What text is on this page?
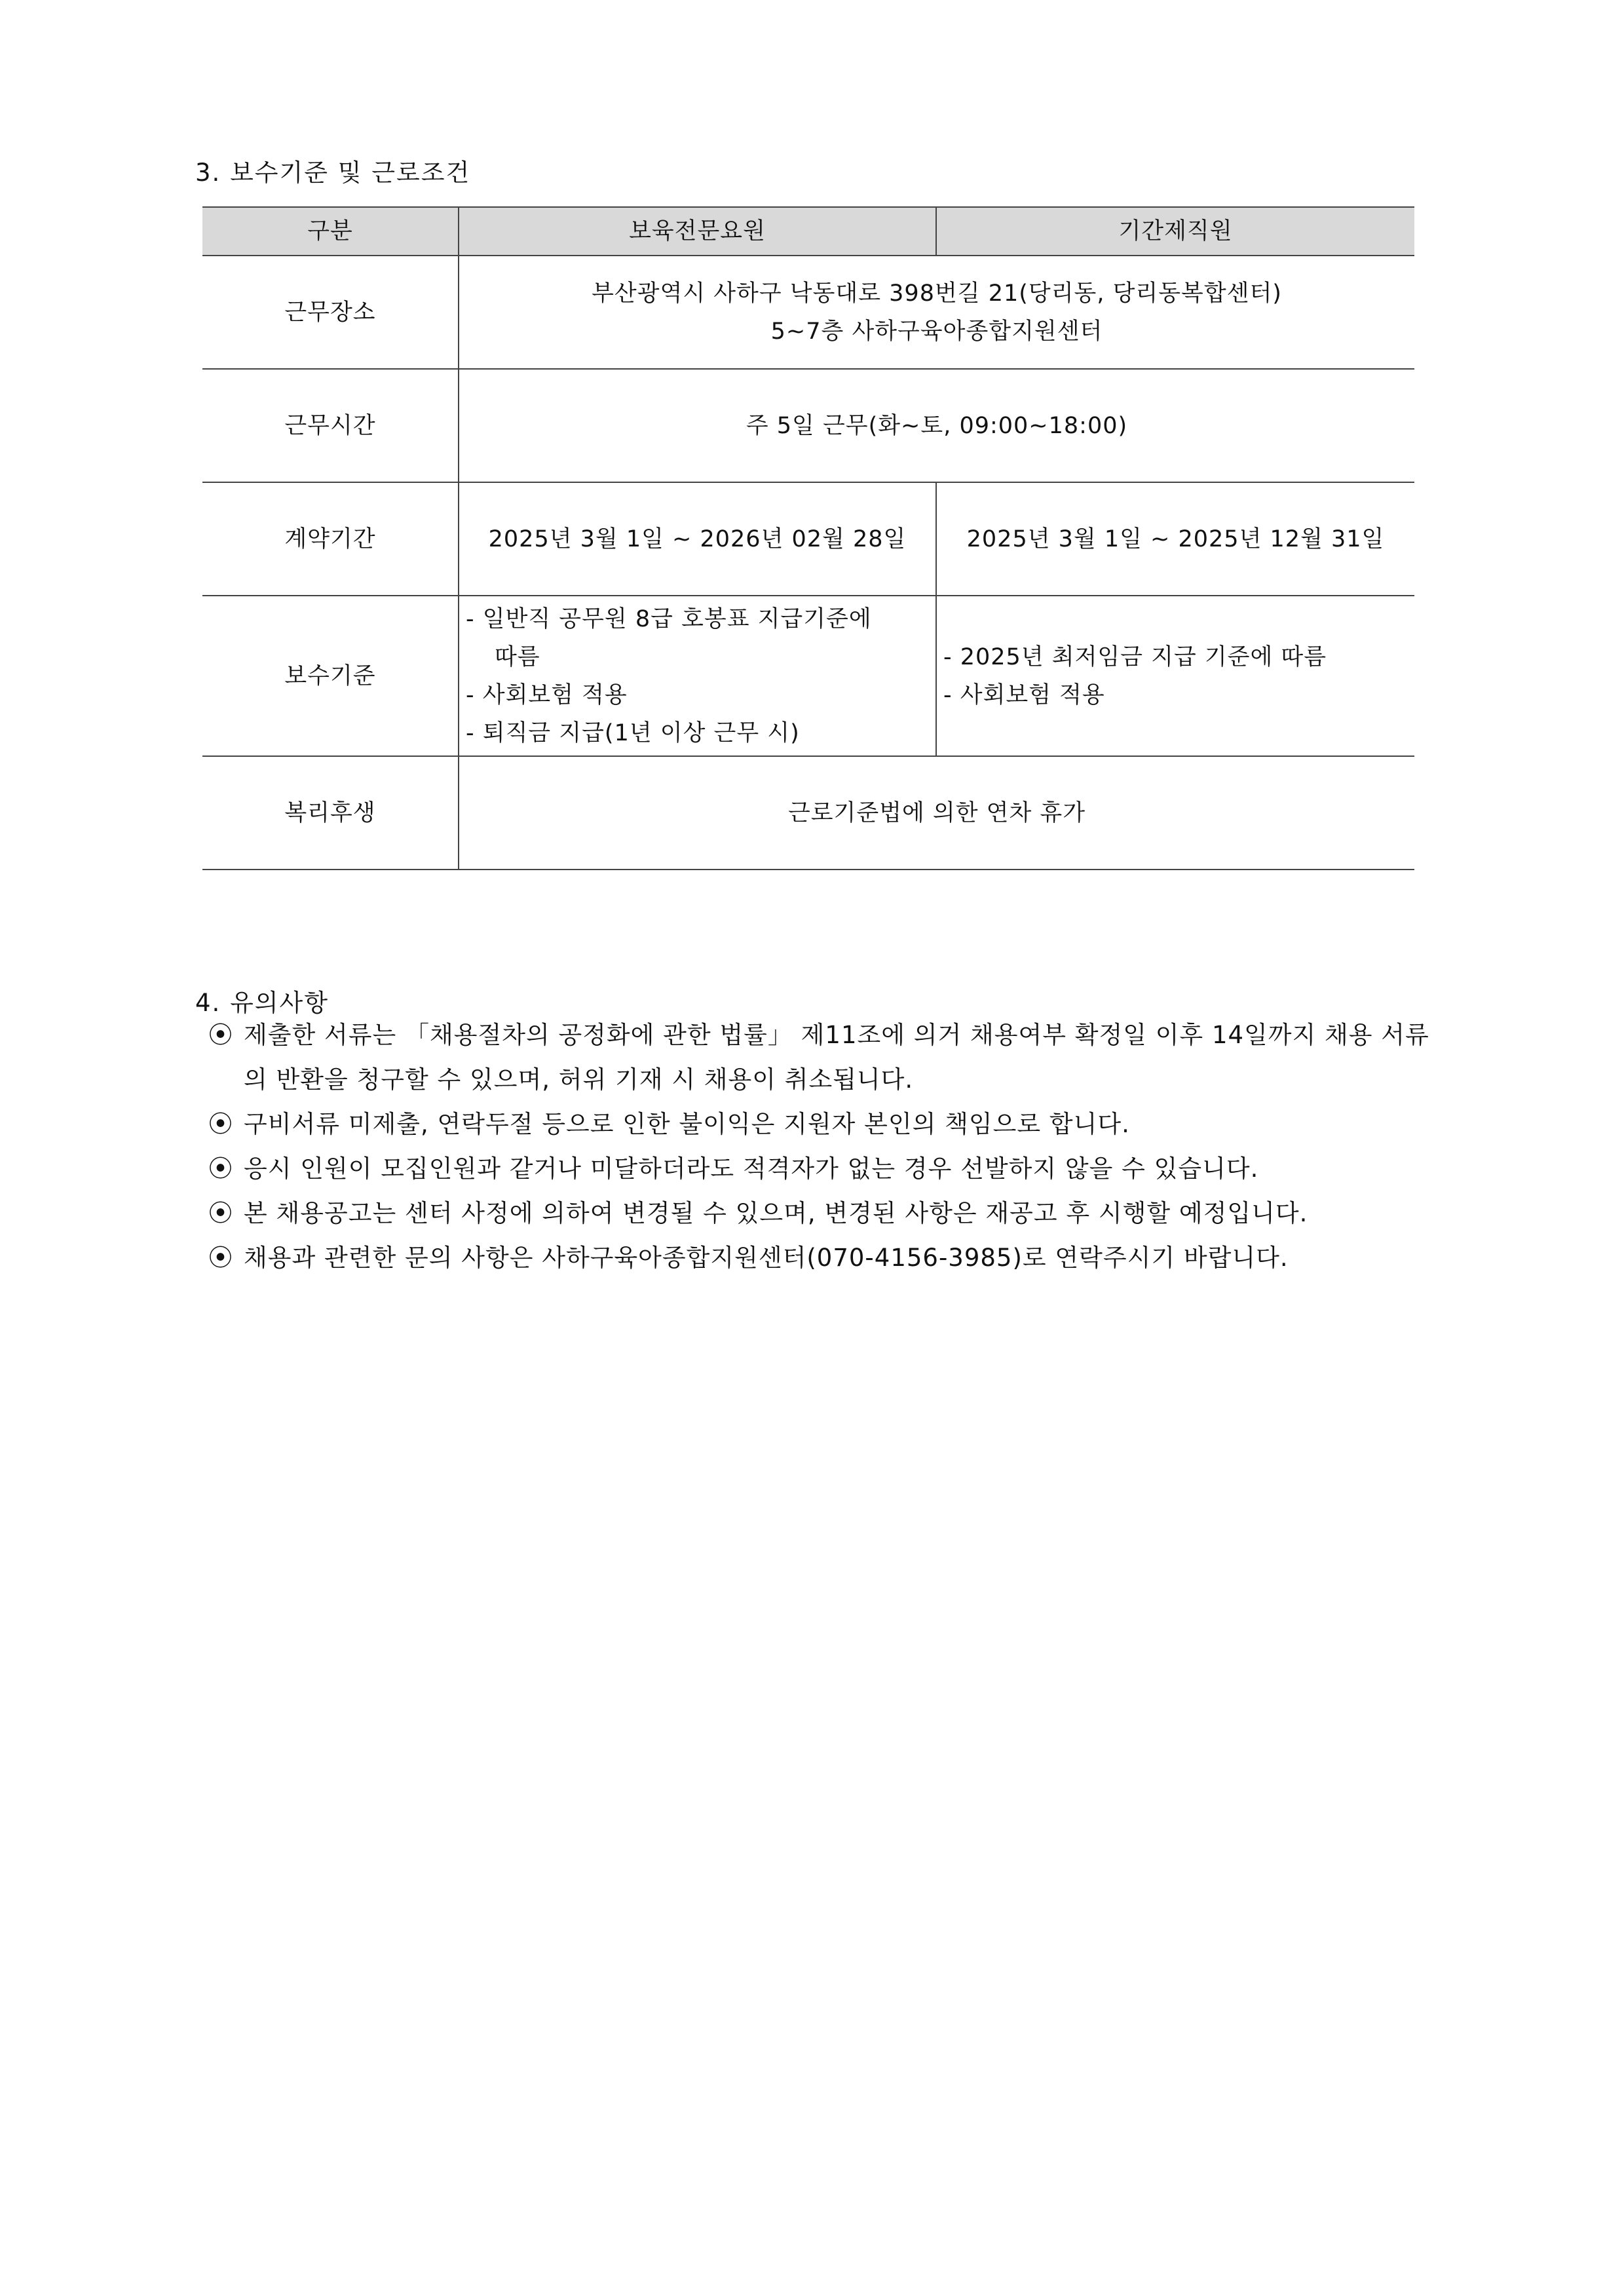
3. 보수기준 및 근로조건
구분	보육전문요원	기간제직원
근무장소	부산광역시 사하구 낙동대로 398번길 21(당리동, 당리동복합센터)
5~7층 사하구육아종합지원센터	

근무시간	주 5일 근무(화~토, 09:00~18:00)	
계약기간	2025년 3월 1일 ~ 2026년 02월 28일	2025년 3월 1일 ~ 2025년 12월 31일
보수기준	- 일반직 공무원 8급 호봉표 지급기준에
따름
- 사회보험 적용
- 퇴직금 지급(1년 이상 근무 시)	- 2025년 최저임금 지급 기준에 따름
- 사회보험 적용

복리후생	근로기준법에 의한 연차 휴가	
4. 유의사항
⦿ 제출한 서류는 「채용절차의 공정화에 관한 법률」 제11조에 의거 채용여부 확정일 이후 14일까지 채용 서류의 반환을 청구할 수 있으며, 허위 기재 시 채용이 취소됩니다.
⦿ 구비서류 미제출, 연락두절 등으로 인한 불이익은 지원자 본인의 책임으로 합니다.
⦿ 응시 인원이 모집인원과 같거나 미달하더라도 적격자가 없는 경우 선발하지 않을 수 있습니다.
⦿ 본 채용공고는 센터 사정에 의하여 변경될 수 있으며, 변경된 사항은 재공고 후 시행할 예정입니다.
⦿ 채용과 관련한 문의 사항은 사하구육아종합지원센터(070-4156-3985)로 연락주시기 바랍니다.
